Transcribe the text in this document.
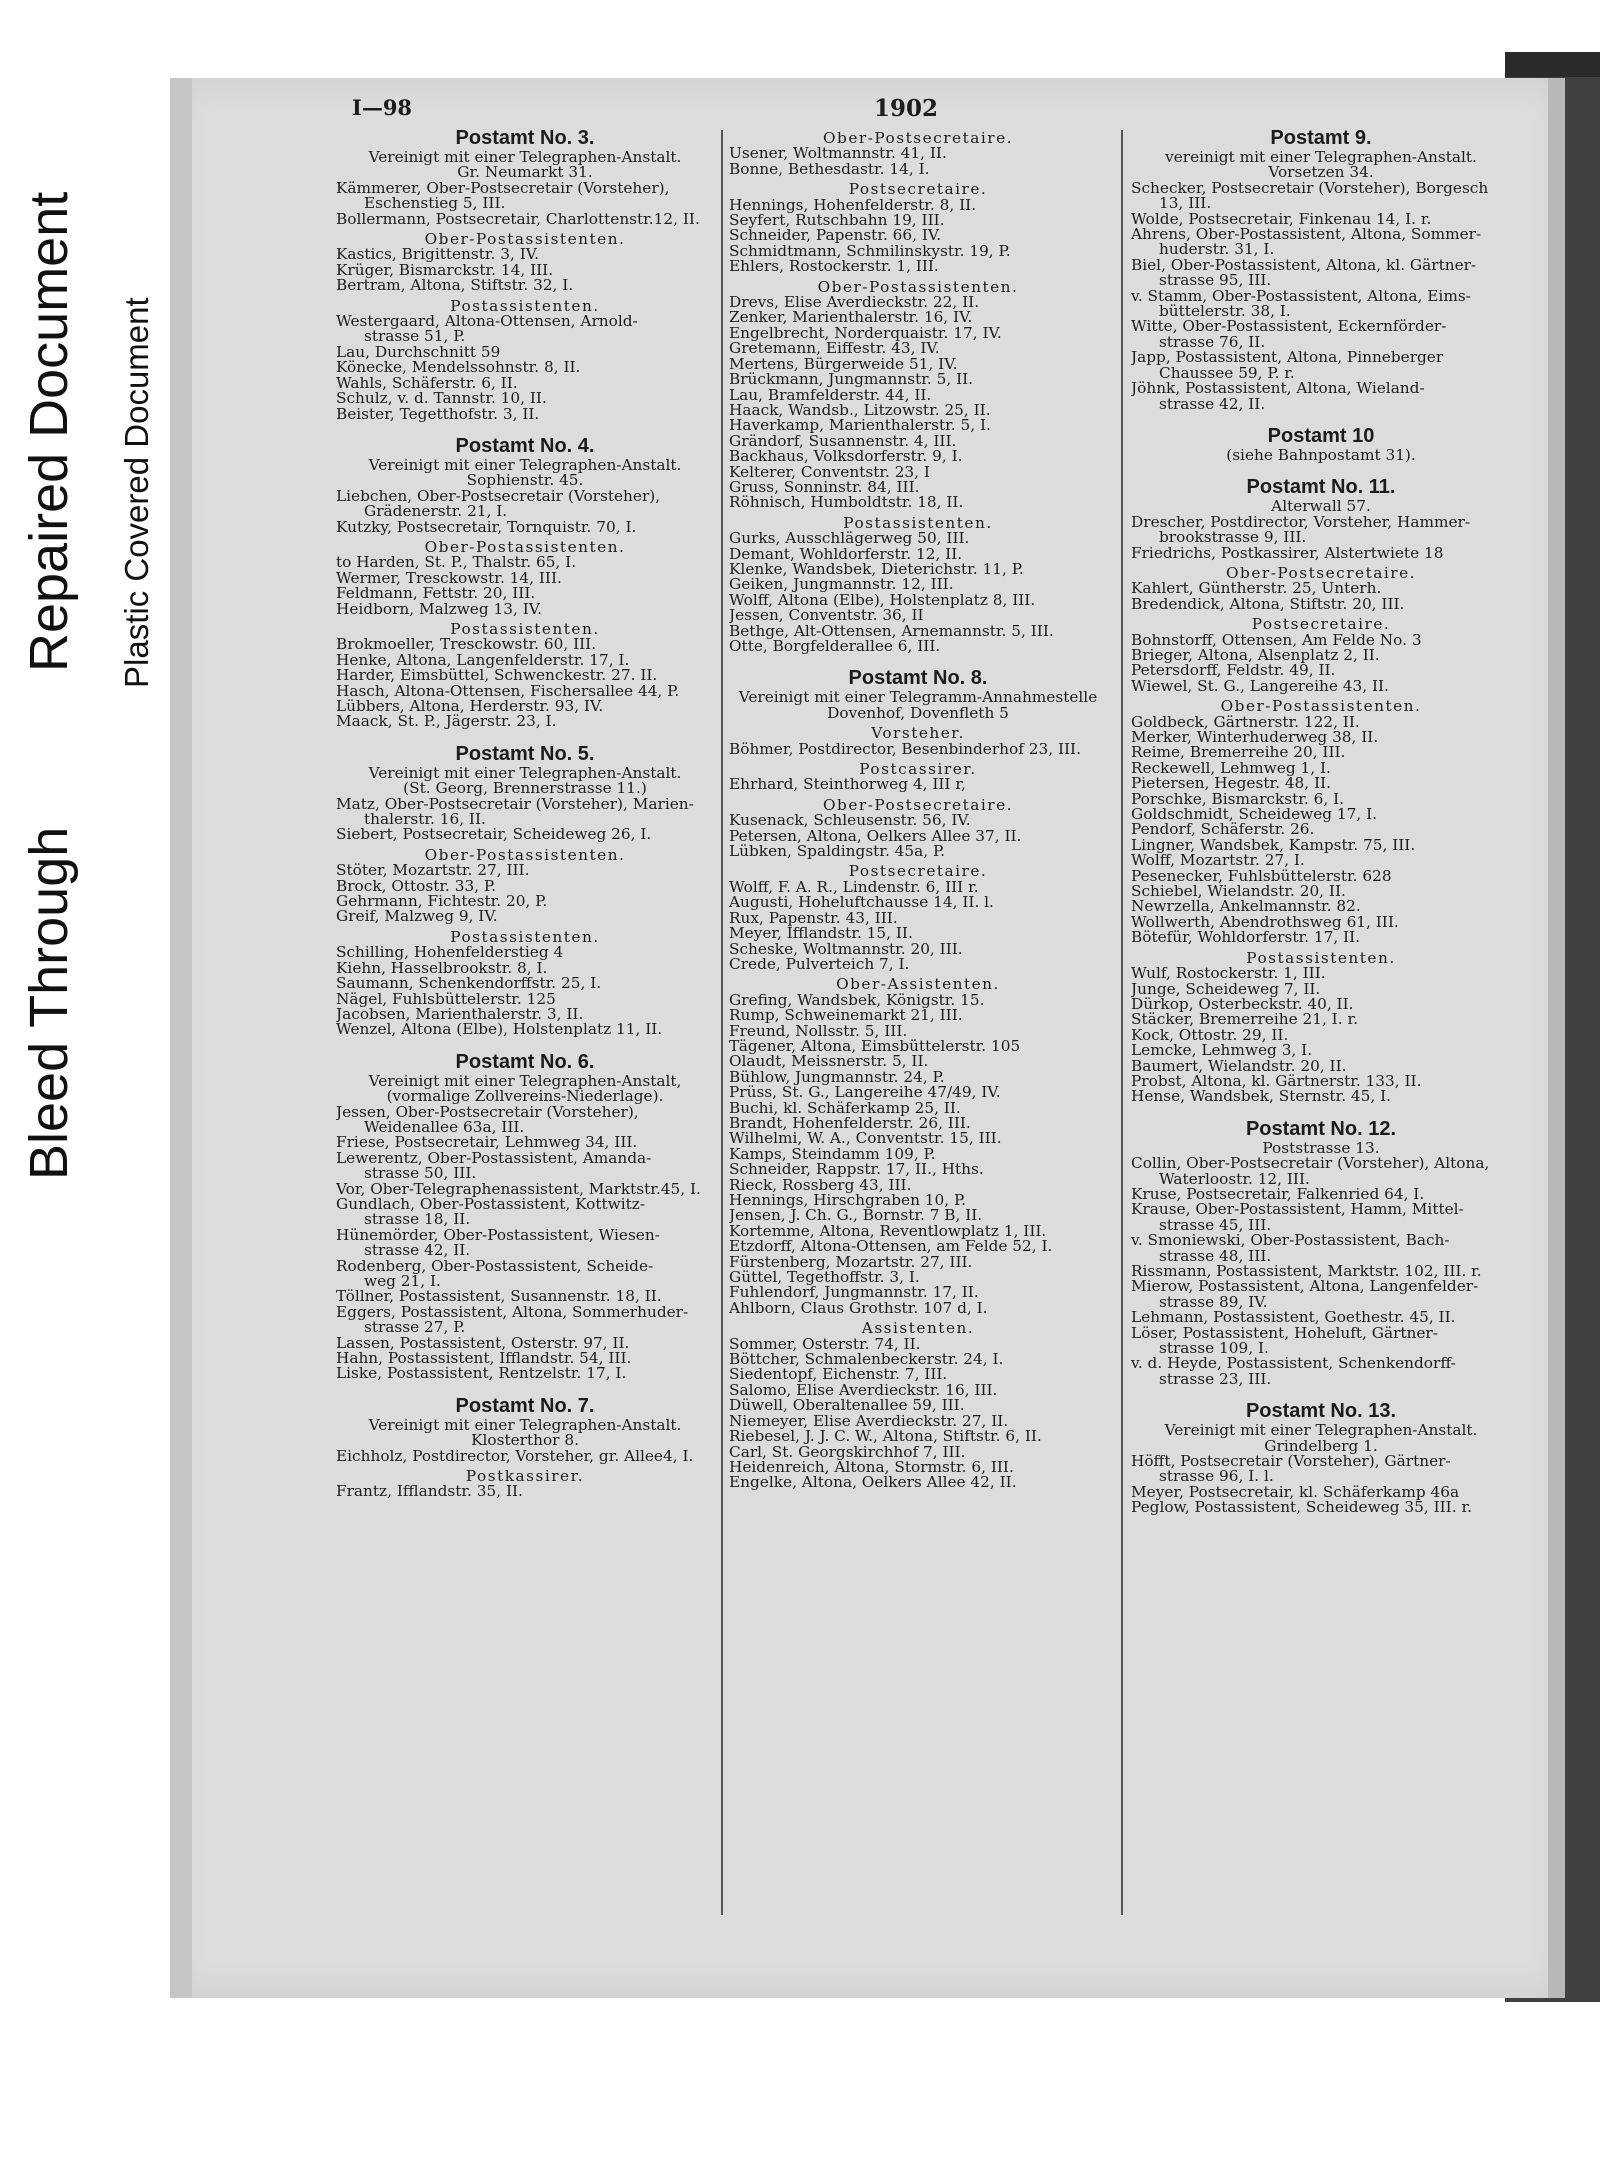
Bleed Through
Repaired Document Plastic Covered Document
I—98	1902
Postamt No. 3.
Vereinigt mit einer Telegraphen-Anstalt.
Gr. Neumarkt 31.
Kämmerer, Ober-Postsecretair (Vorsteher),
Eschenstieg 5, III.
Bollermann, Postsecretair, Charlottenstr.12, II.
Ober-Postassistenten.
Kastics, Brigittenstr. 3, IV.
Krüger, Bismarckstr. 14, III.
Bertram, Altona, Stiftstr. 32, I.
Postassistenten.
Westergaard, Altona-Ottensen, Arnold-
strasse 51, P.
Lau, Durchschnitt 59
Könecke, Mendelssohnstr. 8, II.
Wahls, Schäferstr. 6, II.
Schulz, v. d. Tannstr. 10, II.
Beister, Tegetthofstr. 3, II.
Postamt No. 4.
Vereinigt mit einer Telegraphen-Anstalt.
Sophienstr. 45.
Liebchen, Ober-Postsecretair (Vorsteher),
Grädenerstr. 21, I.
Kutzky, Postsecretair, Tornquistr. 70, I.
Ober-Postassistenten.
to Harden, St. P., Thalstr. 65, I.
Wermer, Tresckowstr. 14, III.
Feldmann, Fettstr. 20, III.
Heidborn, Malzweg 13, IV.
Postassistenten.
Brokmoeller, Tresckowstr. 60, III.
Henke, Altona, Langenfelderstr. 17, I.
Harder, Eimsbüttel, Schwenckestr. 27. II.
Hasch, Altona-Ottensen, Fischersallee 44, P.
Lübbers, Altona, Herderstr. 93, IV.
Maack, St. P., Jägerstr. 23, I.
Postamt No. 5.
Vereinigt mit einer Telegraphen-Anstalt.
(St. Georg, Brennerstrasse 11.)
Matz, Ober-Postsecretair (Vorsteher), Marien-
thalerstr. 16, II.
Siebert, Postsecretair, Scheideweg 26, I.
Ober-Postassistenten.
Stöter, Mozartstr. 27, III.
Brock, Ottostr. 33, P.
Gehrmann, Fichtestr. 20, P.
Greif, Malzweg 9, IV.
Postassistenten.
Schilling, Hohenfelderstieg 4
Kiehn, Hasselbrookstr. 8, I.
Saumann, Schenkendorffstr. 25, I.
Nägel, Fuhlsbüttelerstr. 125
Jacobsen, Marienthalerstr. 3, II.
Wenzel, Altona (Elbe), Holstenplatz 11, II.
Postamt No. 6.
Vereinigt mit einer Telegraphen-Anstalt,
(vormalige Zollvereins-Niederlage).
Jessen, Ober-Postsecretair (Vorsteher),
Weidenallee 63a, III.
Friese, Postsecretair, Lehmweg 34, III.
Lewerentz, Ober-Postassistent, Amanda-
strasse 50, III.
Vor, Ober-Telegraphenassistent, Marktstr.45, I.
Gundlach, Ober-Postassistent, Kottwitz-
strasse 18, II.
Hünemörder, Ober-Postassistent, Wiesen-
strasse 42, II.
Rodenberg, Ober-Postassistent, Scheide-
weg 21, I.
Töllner, Postassistent, Susannenstr. 18, II.
Eggers, Postassistent, Altona, Sommerhuder-
strasse 27, P.
Lassen, Postassistent, Osterstr. 97, II.
Hahn, Postassistent, Ifflandstr. 54, III.
Liske, Postassistent, Rentzelstr. 17, I.
Postamt No. 7.
Vereinigt mit einer Telegraphen-Anstalt.
Klosterthor 8.
Eichholz, Postdirector, Vorsteher, gr. Allee4, I.
Postkassirer.
Frantz, Ifflandstr. 35, II.
Ober-Postsecretaire.
Usener, Woltmannstr. 41, II.
Bonne, Bethesdastr. 14, I.
Postsecretaire.
Hennings, Hohenfelderstr. 8, II.
Seyfert, Rutschbahn 19, III.
Schneider, Papenstr. 66, IV.
Schmidtmann, Schmilinskystr. 19, P.
Ehlers, Rostockerstr. 1, III.
Ober-Postassistenten.
Drevs, Elise Averdieckstr. 22, II.
Zenker, Marienthalerstr. 16, IV.
Engelbrecht, Norderquaistr. 17, IV.
Gretemann, Eiffestr. 43, IV.
Mertens, Bürgerweide 51, IV.
Brückmann, Jungmannstr. 5, II.
Lau, Bramfelderstr. 44, II.
Haack, Wandsb., Litzowstr. 25, II.
Haverkamp, Marienthalerstr. 5, I.
Grändorf, Susannenstr. 4, III.
Backhaus, Volksdorferstr. 9, I.
Kelterer, Conventstr. 23, I
Gruss, Sonninstr. 84, III.
Röhnisch, Humboldtstr. 18, II.
Postassistenten.
Gurks, Ausschlägerweg 50, III.
Demant, Wohldorferstr. 12, II.
Klenke, Wandsbek, Dieterichstr. 11, P.
Geiken, Jungmannstr. 12, III.
Wolff, Altona (Elbe), Holstenplatz 8, III.
Jessen, Conventstr. 36, II
Bethge, Alt-Ottensen, Arnemannstr. 5, III.
Otte, Borgfelderallee 6, III.
Postamt No. 8.
Vereinigt mit einer Telegramm-Annahmestelle
Dovenhof, Dovenfleth 5
Vorsteher.
Böhmer, Postdirector, Besenbinderhof 23, III.
Postcassirer.
Ehrhard, Steinthorweg 4, III r,
Ober-Postsecretaire.
Kusenack, Schleusenstr. 56, IV.
Petersen, Altona, Oelkers Allee 37, II.
Lübken, Spaldingstr. 45a, P.
Postsecretaire.
Wolff, F. A. R., Lindenstr. 6, III r.
Augusti, Hoheluftchausse 14, II. l.
Rux, Papenstr. 43, III.
Meyer, Ifflandstr. 15, II.
Scheske, Woltmannstr. 20, III.
Crede, Pulverteich 7, I.
Ober-Assistenten.
Grefing, Wandsbek, Königstr. 15.
Rump, Schweinemarkt 21, III.
Freund, Nollsstr. 5, III.
Tägener, Altona, Eimsbüttelerstr. 105
Olaudt, Meissnerstr. 5, II.
Bühlow, Jungmannstr. 24, P.
Prüss, St. G., Langereihe 47/49, IV.
Buchi, kl. Schäferkamp 25, II.
Brandt, Hohenfelderstr. 26, III.
Wilhelmi, W. A., Conventstr. 15, III.
Kamps, Steindamm 109, P.
Schneider, Rappstr. 17, II., Hths.
Rieck, Rossberg 43, III.
Hennings, Hirschgraben 10, P.
Jensen, J. Ch. G., Bornstr. 7 B, II.
Kortemme, Altona, Reventlowplatz 1, III.
Etzdorff, Altona-Ottensen, am Felde 52, I.
Fürstenberg, Mozartstr. 27, III.
Güttel, Tegethoffstr. 3, I.
Fuhlendorf, Jungmannstr. 17, II.
Ahlborn, Claus Grothstr. 107 d, I.
Assistenten.
Sommer, Osterstr. 74, II.
Böttcher, Schmalenbeckerstr. 24, I.
Siedentopf, Eichenstr. 7, III.
Salomo, Elise Averdieckstr. 16, III.
Düwell, Oberaltenallee 59, III.
Niemeyer, Elise Averdieckstr. 27, II.
Riebesel, J. J. C. W., Altona, Stiftstr. 6, II.
Carl, St. Georgskirchhof 7, III.
Heidenreich, Altona, Stormstr. 6, III.
Engelke, Altona, Oelkers Allee 42, II.
Postamt 9.
vereinigt mit einer Telegraphen-Anstalt.
Vorsetzen 34.
Schecker, Postsecretair (Vorsteher), Borgesch
13, III.
Wolde, Postsecretair, Finkenau 14, I. r.
Ahrens, Ober-Postassistent, Altona, Sommer-
huderstr. 31, I.
Biel, Ober-Postassistent, Altona, kl. Gärtner-
strasse 95, III.
v. Stamm, Ober-Postassistent, Altona, Eims-
büttelerstr. 38, I.
Witte, Ober-Postassistent, Eckernförder-
strasse 76, II.
Japp, Postassistent, Altona, Pinneberger
Chaussee 59, P. r.
Jöhnk, Postassistent, Altona, Wieland-
strasse 42, II.
Postamt 10
(siehe Bahnpostamt 31).
Postamt No. 11.
Alterwall 57.
Drescher, Postdirector, Vorsteher, Hammer-
brookstrasse 9, III.
Friedrichs, Postkassirer, Alstertwiete 18
Ober-Postsecretaire.
Kahlert, Güntherstr. 25, Unterh.
Bredendick, Altona, Stiftstr. 20, III.
Postsecretaire.
Bohnstorff, Ottensen, Am Felde No. 3
Brieger, Altona, Alsenplatz 2, II.
Petersdorff, Feldstr. 49, II.
Wiewel, St. G., Langereihe 43, II.
Ober-Postassistenten.
Goldbeck, Gärtnerstr. 122, II.
Merker, Winterhuderweg 38, II.
Reime, Bremerreihe 20, III.
Reckewell, Lehmweg 1, I.
Pietersen, Hegestr. 48, II.
Porschke, Bismarckstr. 6, I.
Goldschmidt, Scheideweg 17, I.
Pendorf, Schäferstr. 26.
Lingner, Wandsbek, Kampstr. 75, III.
Wolff, Mozartstr. 27, I.
Pesenecker, Fuhlsbüttelerstr. 628
Schiebel, Wielandstr. 20, II.
Newrzella, Ankelmannstr. 82.
Wollwerth, Abendrothsweg 61, III.
Bötefür, Wohldorferstr. 17, II.
Postassistenten.
Wulf, Rostockerstr. 1, III.
Junge, Scheideweg 7, II.
Dürkop, Osterbeckstr. 40, II.
Stäcker, Bremerreihe 21, I. r.
Kock, Ottostr. 29, II.
Lemcke, Lehmweg 3, I.
Baumert, Wielandstr. 20, II.
Probst, Altona, kl. Gärtnerstr. 133, II.
Hense, Wandsbek, Sternstr. 45, I.
Postamt No. 12.
Poststrasse 13.
Collin, Ober-Postsecretair (Vorsteher), Altona,
Waterloostr. 12, III.
Kruse, Postsecretair, Falkenried 64, I.
Krause, Ober-Postassistent, Hamm, Mittel-
strasse 45, III.
v. Smoniewski, Ober-Postassistent, Bach-
strasse 48, III.
Rissmann, Postassistent, Marktstr. 102, III. r.
Mierow, Postassistent, Altona, Langenfelder-
strasse 89, IV.
Lehmann, Postassistent, Goethestr. 45, II.
Löser, Postassistent, Hoheluft, Gärtner-
strasse 109, I.
v. d. Heyde, Postassistent, Schenkendorff-
strasse 23, III.
Postamt No. 13.
Vereinigt mit einer Telegraphen-Anstalt.
Grindelberg 1.
Höfft, Postsecretair (Vorsteher), Gärtner-
strasse 96, I. l.
Meyer, Postsecretair, kl. Schäferkamp 46a
Peglow, Postassistent, Scheideweg 35, III. r.
